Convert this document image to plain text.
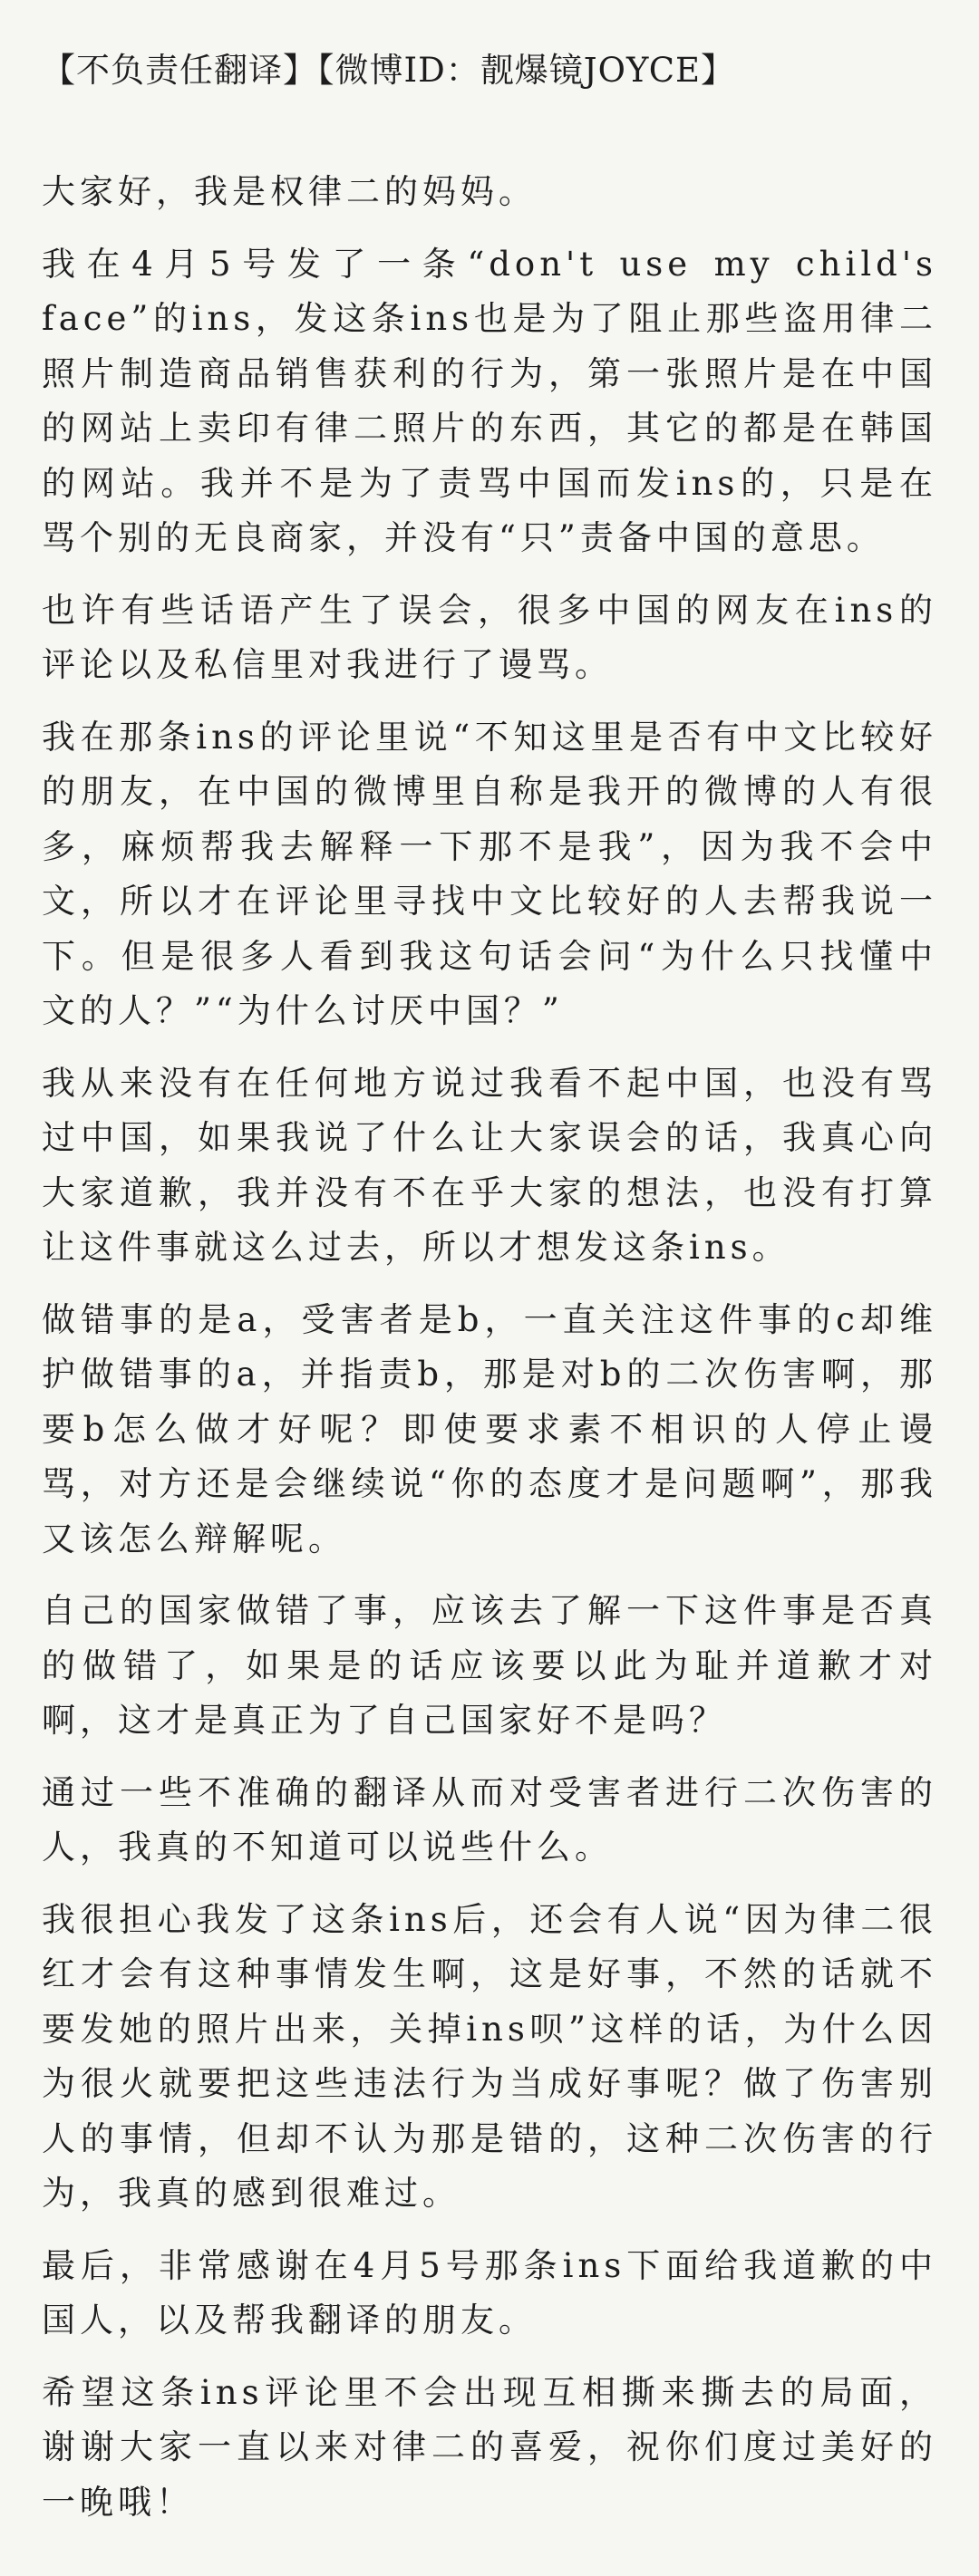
【不负责任翻译】【微博ID：靓爆镜JOYCE】

大家好，我是权律二的妈妈。

我在4月5号发了一条“don't use my child's face”的ins，发这条ins也是为了阻止那些盗用律二照片制造商品销售获利的行为，第一张照片是在中国的网站上卖印有律二照片的东西，其它的都是在韩国的网站。我并不是为了责骂中国而发ins的，只是在骂个别的无良商家，并没有“只”责备中国的意思。

也许有些话语产生了误会，很多中国的网友在ins的评论以及私信里对我进行了谩骂。

我在那条ins的评论里说“不知这里是否有中文比较好的朋友，在中国的微博里自称是我开的微博的人有很多，麻烦帮我去解释一下那不是我”，因为我不会中文，所以才在评论里寻找中文比较好的人去帮我说一下。但是很多人看到我这句话会问“为什么只找懂中文的人？”“为什么讨厌中国？”

我从来没有在任何地方说过我看不起中国，也没有骂过中国，如果我说了什么让大家误会的话，我真心向大家道歉，我并没有不在乎大家的想法，也没有打算让这件事就这么过去，所以才想发这条ins。

做错事的是a，受害者是b，一直关注这件事的c却维护做错事的a，并指责b，那是对b的二次伤害啊，那要b怎么做才好呢？即使要求素不相识的人停止谩骂，对方还是会继续说“你的态度才是问题啊”，那我又该怎么辩解呢。

自己的国家做错了事，应该去了解一下这件事是否真的做错了，如果是的话应该要以此为耻并道歉才对啊，这才是真正为了自己国家好不是吗？

通过一些不准确的翻译从而对受害者进行二次伤害的人，我真的不知道可以说些什么。

我很担心我发了这条ins后，还会有人说“因为律二很红才会有这种事情发生啊，这是好事，不然的话就不要发她的照片出来，关掉ins呗”这样的话，为什么因为很火就要把这些违法行为当成好事呢？做了伤害别人的事情，但却不认为那是错的，这种二次伤害的行为，我真的感到很难过。

最后，非常感谢在4月5号那条ins下面给我道歉的中国人，以及帮我翻译的朋友。

希望这条ins评论里不会出现互相撕来撕去的局面，谢谢大家一直以来对律二的喜爱，祝你们度过美好的一晚哦！
